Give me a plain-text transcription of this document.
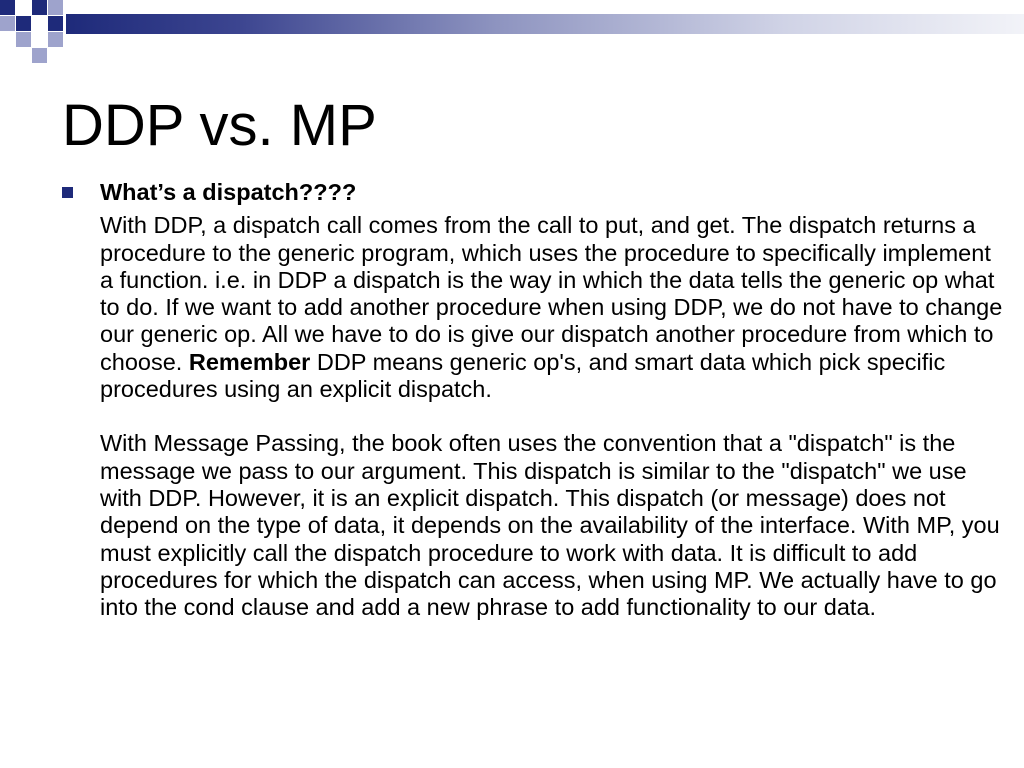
DDP vs. MP

What’s a dispatch????

With DDP, a dispatch call comes from the call to put, and get. The dispatch returns a procedure to the generic program, which uses the procedure to specifically implement a function. i.e. in DDP a dispatch is the way in which the data tells the generic op what to do. If we want to add another procedure when using DDP, we do not have to change our generic op. All we have to do is give our dispatch another procedure from which to choose. Remember DDP means generic op's, and smart data which pick specific procedures using an explicit dispatch.

With Message Passing, the book often uses the convention that a "dispatch" is the message we pass to our argument. This dispatch is similar to the "dispatch" we use with DDP. However, it is an explicit dispatch. This dispatch (or message) does not depend on the type of data, it depends on the availability of the interface. With MP, you must explicitly call the dispatch procedure to work with data. It is difficult to add procedures for which the dispatch can access, when using MP. We actually have to go into the cond clause and add a new phrase to add functionality to our data.
